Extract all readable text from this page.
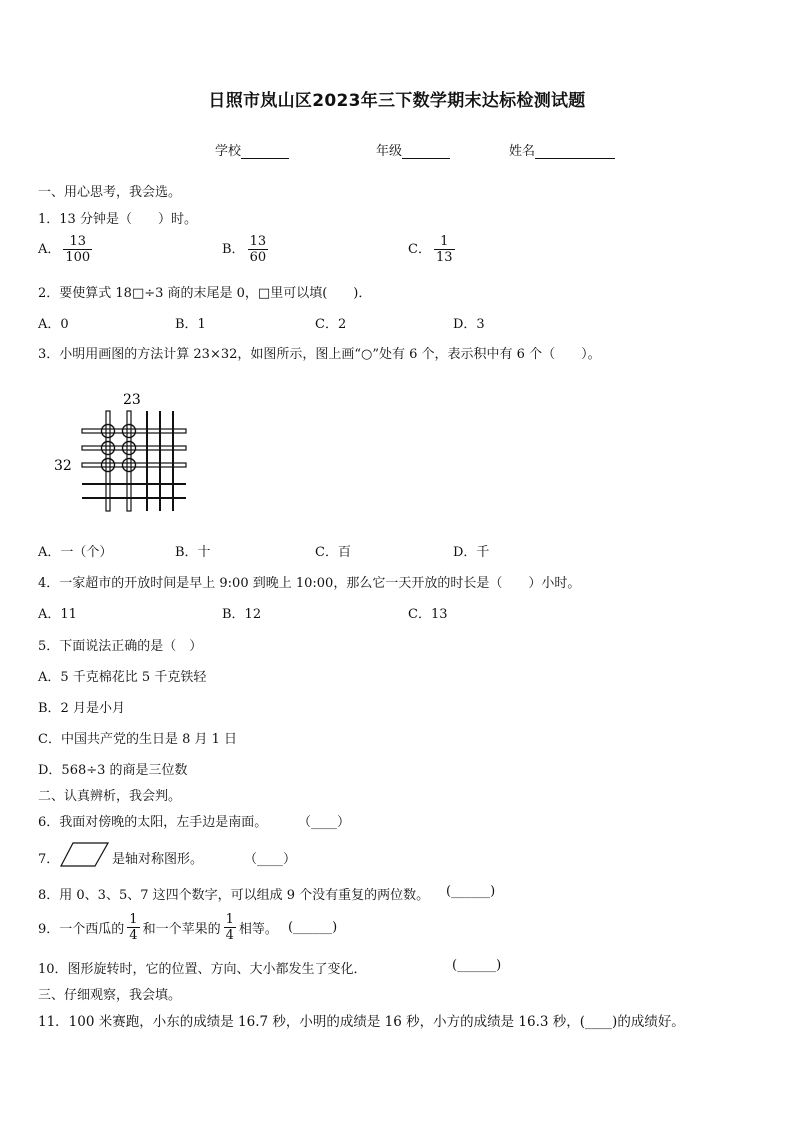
日照市岚山区2023年三下数学期末达标检测试题
学校	年级	姓名
一、用心思考，我会选。
1．13 分钟是（　　）时。
A． $\frac{13}{100}$	B． $\frac{13}{60}$	C． $\frac{1}{13}$
2．要使算式 18□÷3 商的末尾是 0，□里可以填(　　)．
A．0	B．1	C．2	D．3
3．小明用画图的方法计算 23×32，如图所示，图上画“○”处有 6 个，表示积中有 6 个（　　）。
23
32
A．一（个）	B．十	C．百	D．千
4．一家超市的开放时间是早上 9:00 到晚上 10:00，那么它一天开放的时长是（　　）小时。
A．11	B．12	C．13
5．下面说法正确的是（　）
A．5 千克棉花比 5 千克铁轻
B．2 月是小月
C．中国共产党的生日是 8 月 1 日
D．568÷3 的商是三位数
二、认真辨析，我会判。
6．我面对傍晚的太阳，左手边是南面。 （____）
7．	是轴对称图形。	（____）
8．用 0、3、5、7 这四个数字，可以组成 9 个没有重复的两位数。 (______)
9．一个西瓜的 $\frac{1}{4}$ 和一个苹果的 $\frac{1}{4}$ 相等。 (______)
10．图形旋转时，它的位置、方向、大小都发生了变化．	(______)
三、仔细观察，我会填。
11．100 米赛跑，小东的成绩是 16.7 秒，小明的成绩是 16 秒，小方的成绩是 16.3 秒，(____)的成绩好。
